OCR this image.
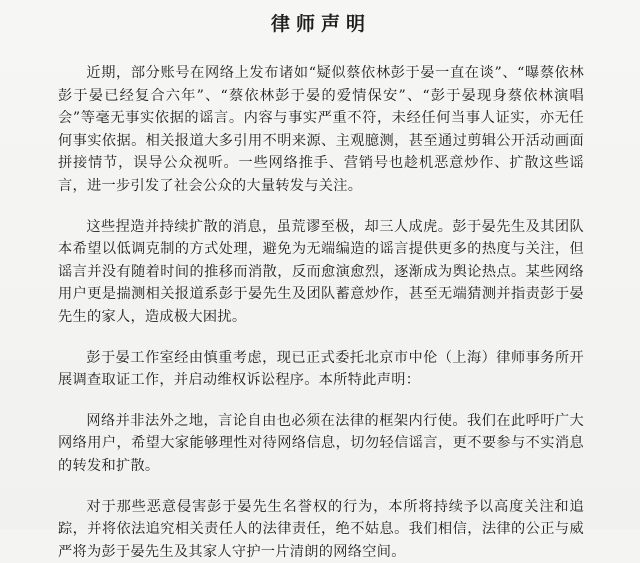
律师声明

近期，部分账号在网络上发布诸如“疑似蔡依林彭于晏一直在谈”、“曝蔡依林彭于晏已经复合六年”、“蔡依林彭于晏的爱情保安”、“彭于晏现身蔡依林演唱会”等毫无事实依据的谣言。内容与事实严重不符，未经任何当事人证实，亦无任何事实依据。相关报道大多引用不明来源、主观臆测，甚至通过剪辑公开活动画面拼接情节，误导公众视听。一些网络推手、营销号也趁机恶意炒作、扩散这些谣言，进一步引发了社会公众的大量转发与关注。

这些捏造并持续扩散的消息，虽荒谬至极，却三人成虎。彭于晏先生及其团队本希望以低调克制的方式处理，避免为无端编造的谣言提供更多的热度与关注，但谣言并没有随着时间的推移而消散，反而愈演愈烈，逐渐成为舆论热点。某些网络用户更是揣测相关报道系彭于晏先生及团队蓄意炒作，甚至无端猜测并指责彭于晏先生的家人，造成极大困扰。

彭于晏工作室经由慎重考虑，现已正式委托北京市中伦（上海）律师事务所开展调查取证工作，并启动维权诉讼程序。本所特此声明：

网络并非法外之地，言论自由也必须在法律的框架内行使。我们在此呼吁广大网络用户，希望大家能够理性对待网络信息，切勿轻信谣言，更不要参与不实消息的转发和扩散。

对于那些恶意侵害彭于晏先生名誉权的行为，本所将持续予以高度关注和追踪，并将依法追究相关责任人的法律责任，绝不姑息。我们相信，法律的公正与威严将为彭于晏先生及其家人守护一片清朗的网络空间。
